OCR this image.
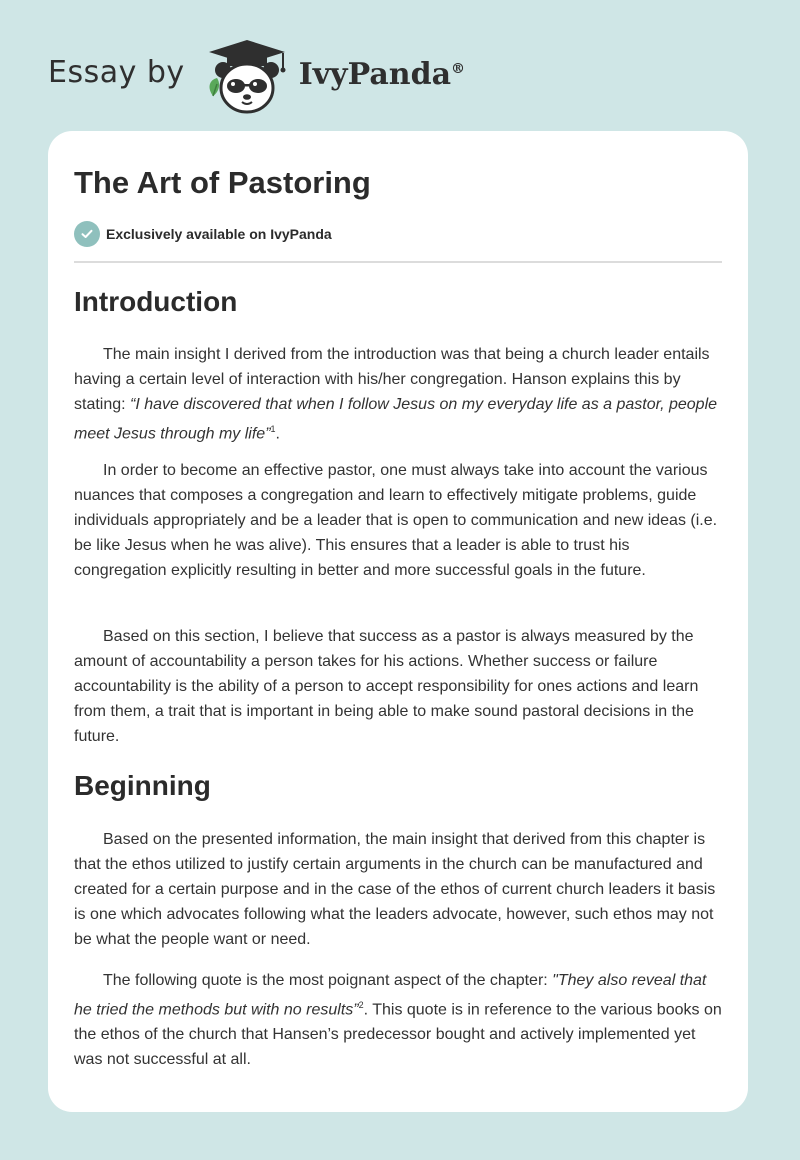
Essay by	IvyPanda®
The Art of Pastoring
Exclusively available on IvyPanda
Introduction

The main insight I derived from the introduction was that being a church leader entails having a certain level of interaction with his/her congregation. Hanson explains this by stating: “I have discovered that when I follow Jesus on my everyday life as a pastor, people meet Jesus through my life”$^1$.

In order to become an effective pastor, one must always take into account the various nuances that composes a congregation and learn to effectively mitigate problems, guide individuals appropriately and be a leader that is open to communication and new ideas (i.e. be like Jesus when he was alive). This ensures that a leader is able to trust his congregation explicitly resulting in better and more successful goals in the future.

Based on this section, I believe that success as a pastor is always measured by the amount of accountability a person takes for his actions. Whether success or failure accountability is the ability of a person to accept responsibility for ones actions and learn from them, a trait that is important in being able to make sound pastoral decisions in the future.

Beginning

Based on the presented information, the main insight that derived from this chapter is that the ethos utilized to justify certain arguments in the church can be manufactured and created for a certain purpose and in the case of the ethos of current church leaders it basis is one which advocates following what the leaders advocate, however, such ethos may not be what the people want or need.

The following quote is the most poignant aspect of the chapter: "They also reveal that he tried the methods but with no results”$^2$. This quote is in reference to the various books on the ethos of the church that Hansen’s predecessor bought and actively implemented yet was not successful at all.
